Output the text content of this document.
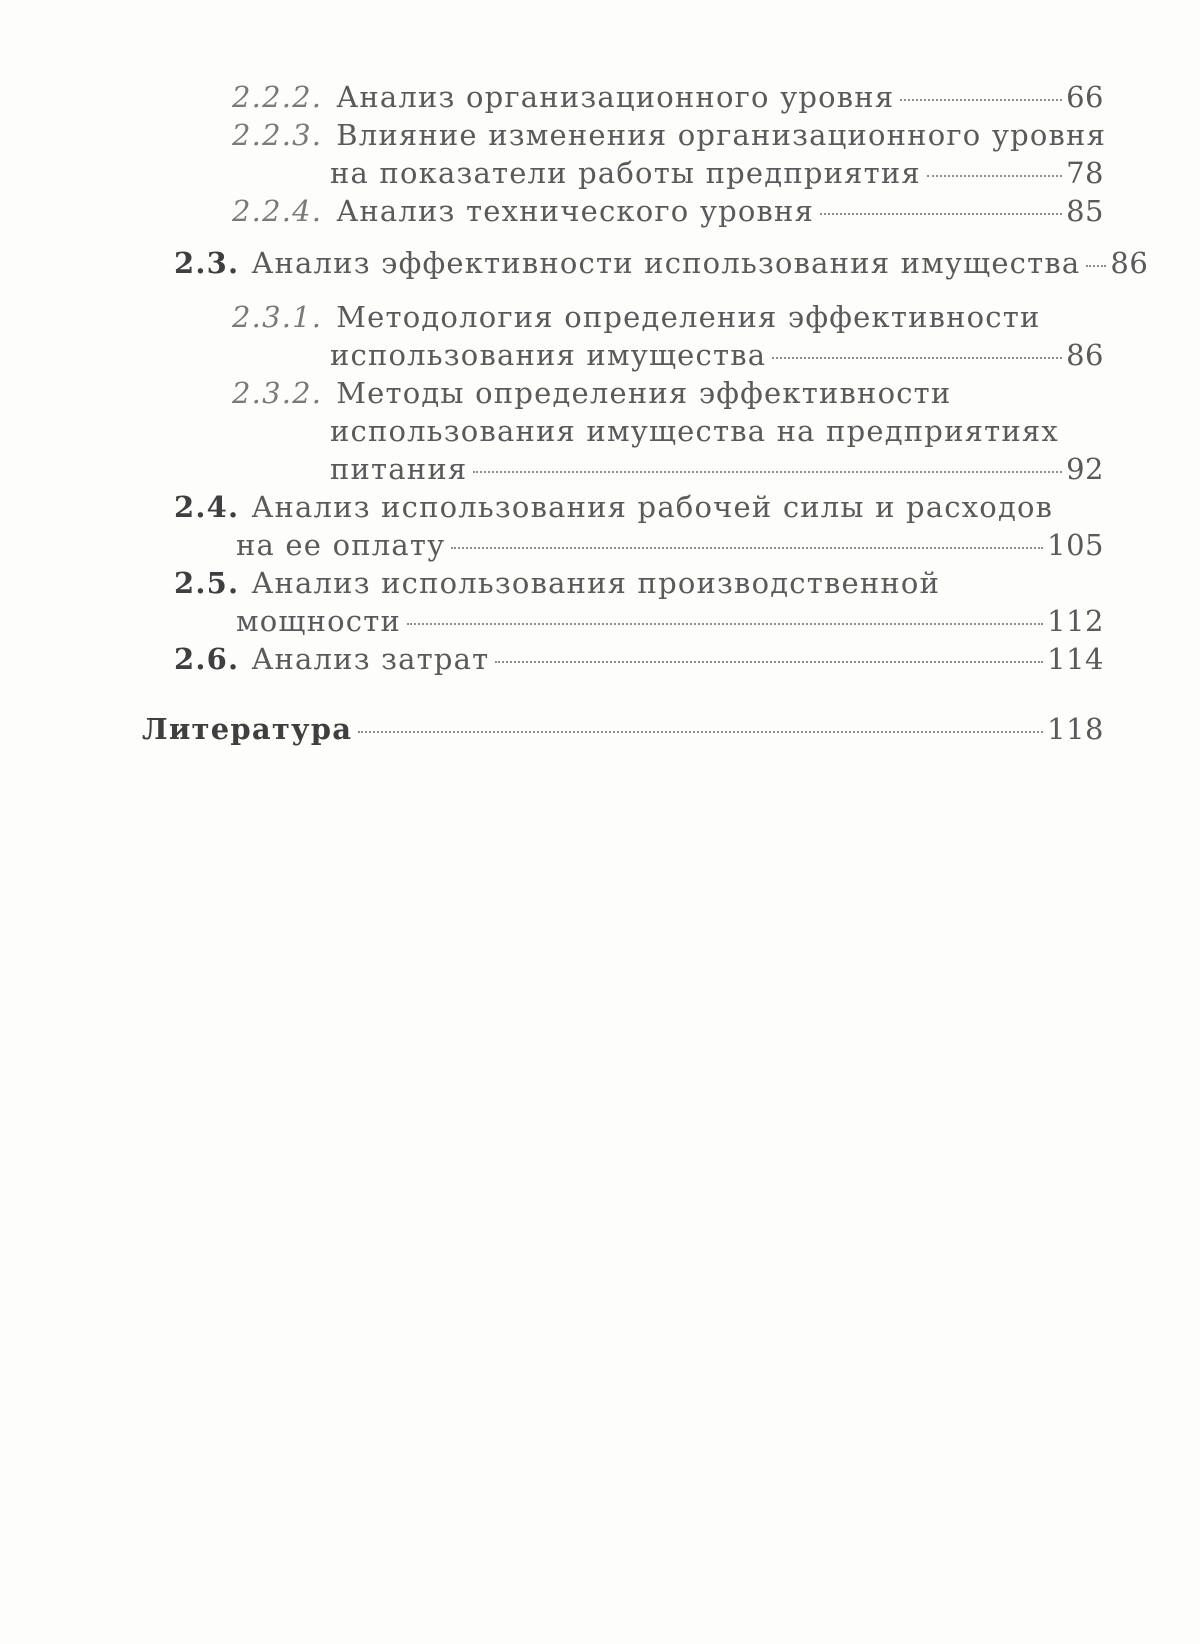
2.2.2. Анализ организационного уровня	66
2.2.3. Влияние изменения организационного уровня
на показатели работы предприятия	78
2.2.4. Анализ технического уровня	85
2.3. Анализ эффективности использования имущества 86
2.3.1. Методология определения эффективности
использования имущества	86
2.3.2. Методы определения эффективности
использования имущества на предприятиях
питания	92
2.4. Анализ использования рабочей силы и расходов
на ее оплату	105
2.5. Анализ использования производственной
мощности	112
2.6. Анализ затрат	114
Литература	118
